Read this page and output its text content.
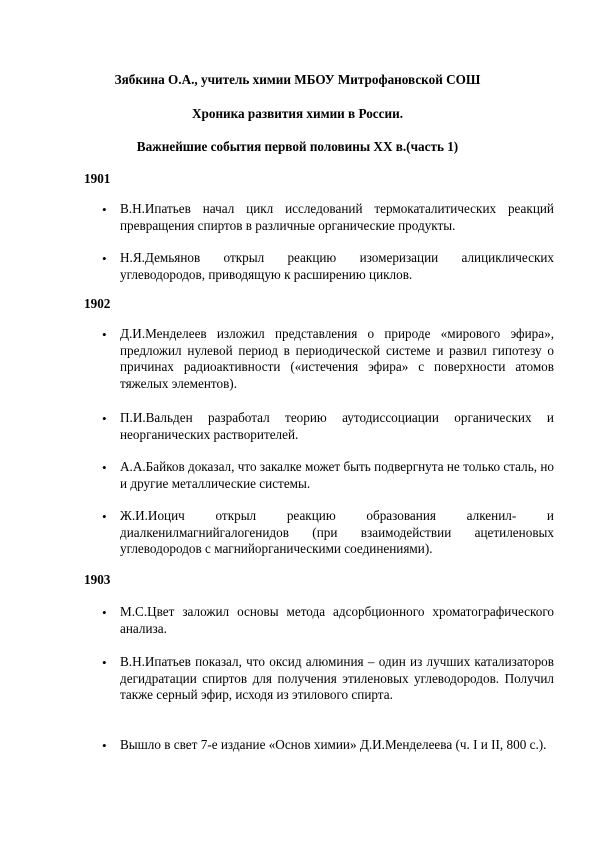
Зябкина О.А., учитель химии МБОУ Митрофановской СОШ
Хроника развития химии в России.
Важнейшие события первой половины XX в.(часть 1)
1901
• В.Н.Ипатьев начал цикл исследований термокаталитических реакций превращения спиртов в различные органические продукты.
• Н.Я.Демьянов открыл реакцию изомеризации алициклических углеводородов, приводящую к расширению циклов.
1902
• Д.И.Менделеев изложил представления о природе «мирового эфира», предложил нулевой период в периодической системе и развил гипотезу о причинах радиоактивности («истечения эфира» с поверхности атомов тяжелых элементов).
• П.И.Вальден разработал теорию аутодиссоциации органических и неорганических растворителей.
• А.А.Байков доказал, что закалке может быть подвергнута не только сталь, но и другие металлические системы.
• Ж.И.Иоцич открыл реакцию образования алкенил- и диалкенилмагнийгалогенидов (при взаимодействии ацетиленовых углеводородов с магнийорганическими соединениями).
1903
• М.С.Цвет заложил основы метода адсорбционного хроматографического анализа.
• В.Н.Ипатьев показал, что оксид алюминия – один из лучших катализаторов дегидратации спиртов для получения этиленовых углеводородов. Получил также серный эфир, исходя из этилового спирта.
• Вышло в свет 7-е издание «Основ химии» Д.И.Менделеева (ч. I и II, 800 с.).
